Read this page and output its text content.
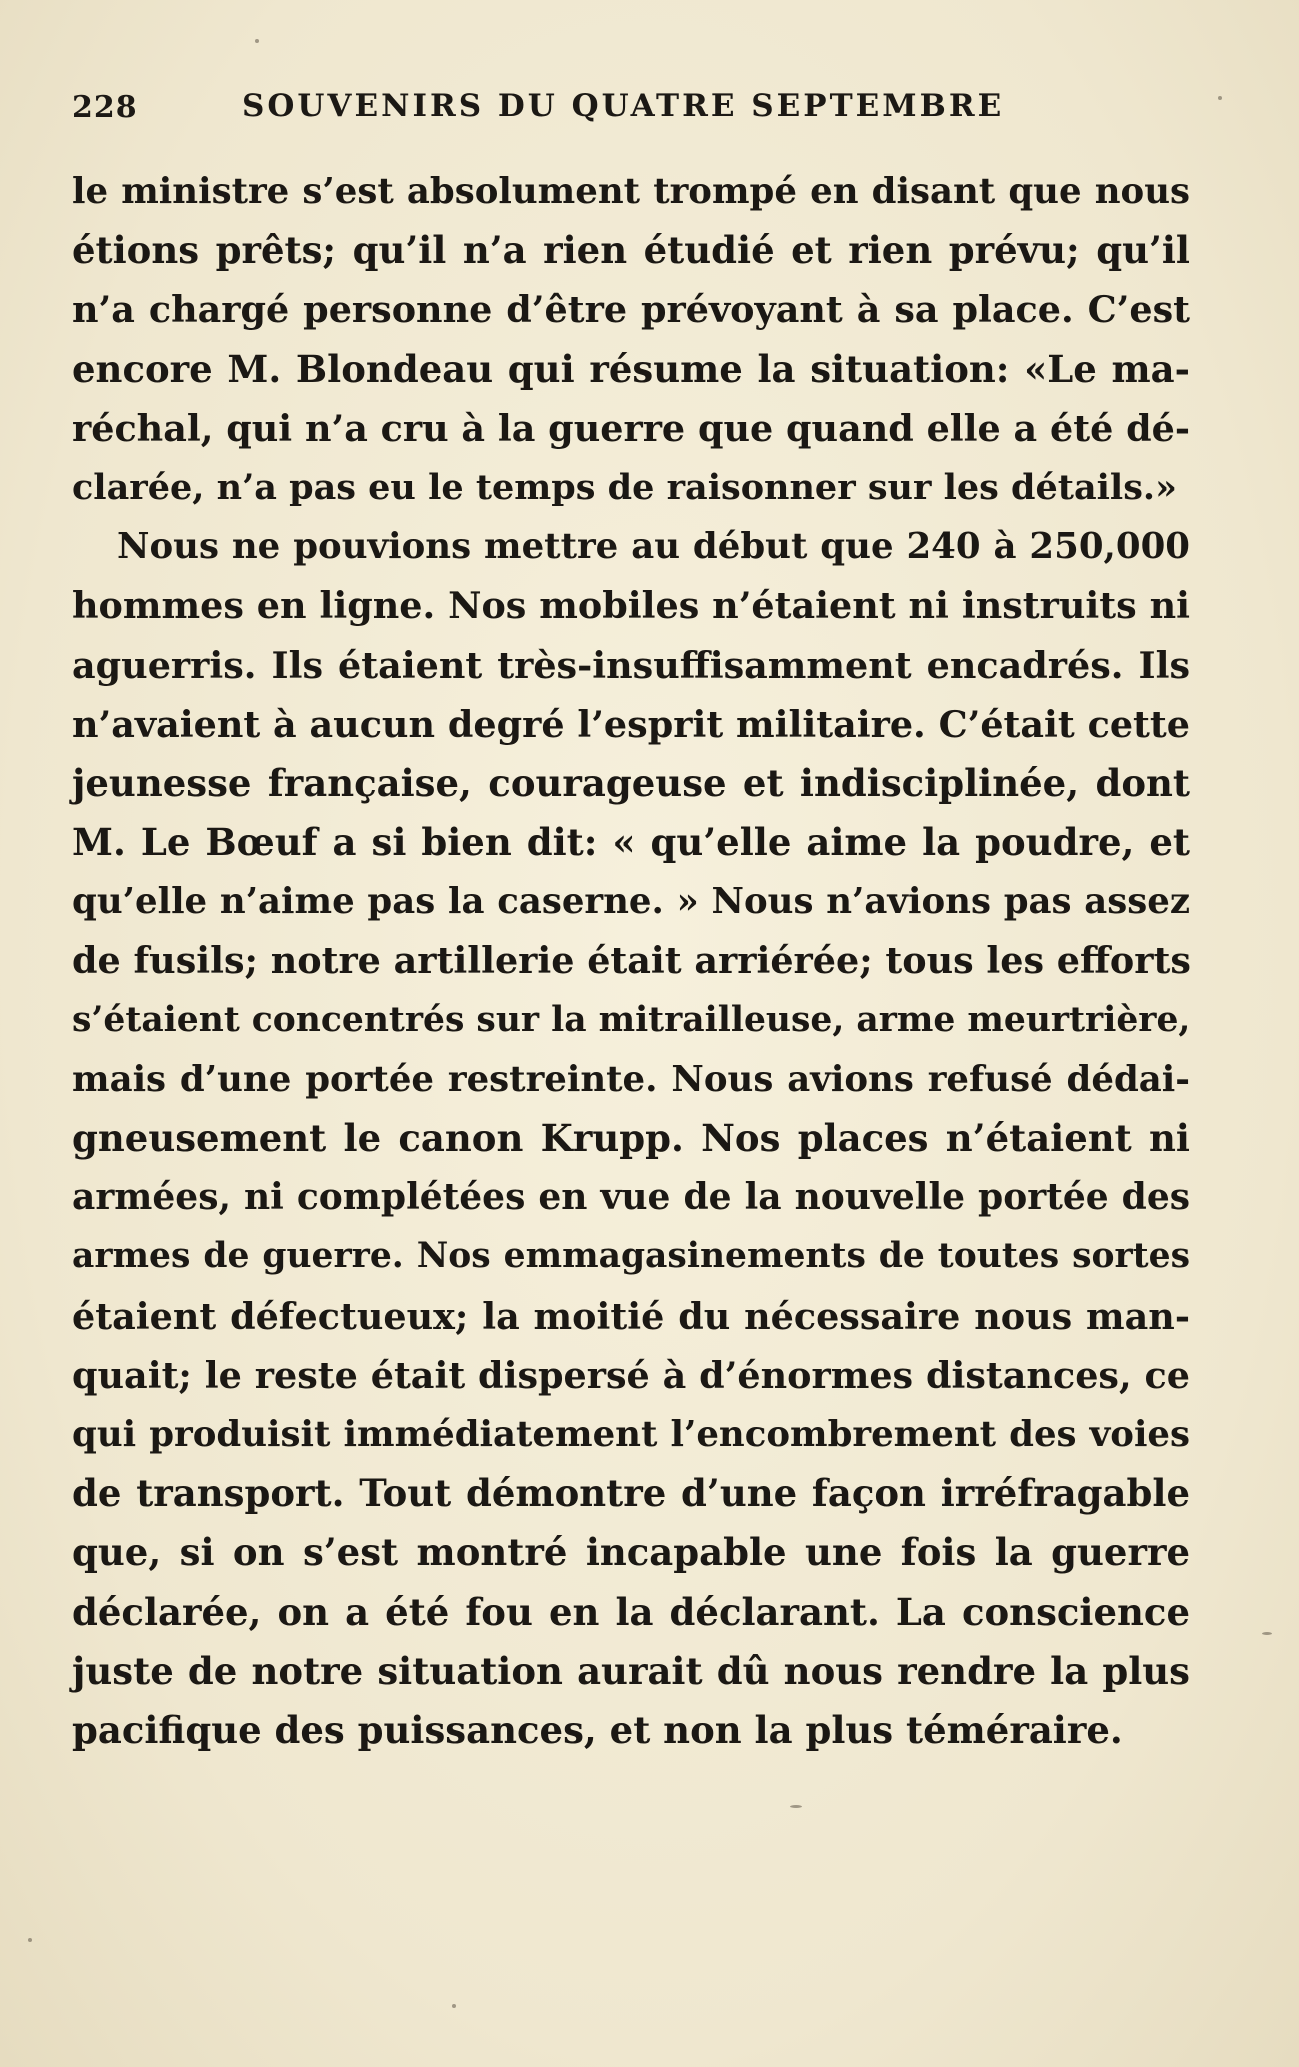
228	SOUVENIRS DU QUATRE SEPTEMBRE
le ministre s’est absolument trompé en disant que nous
étions prêts; qu’il n’a rien étudié et rien prévu; qu’il
n’a chargé personne d’être prévoyant à sa place. C’est
encore M. Blondeau qui résume la situation: «Le ma-
réchal, qui n’a cru à la guerre que quand elle a été dé-
clarée, n’a pas eu le temps de raisonner sur les détails.»
Nous ne pouvions mettre au début que 240 à 250,000
hommes en ligne. Nos mobiles n’étaient ni instruits ni
aguerris. Ils étaient très-insuffisamment encadrés. Ils
n’avaient à aucun degré l’esprit militaire. C’était cette
jeunesse française, courageuse et indisciplinée, dont
M. Le Bœuf a si bien dit: « qu’elle aime la poudre, et
qu’elle n’aime pas la caserne. » Nous n’avions pas assez
de fusils; notre artillerie était arriérée; tous les efforts
s’étaient concentrés sur la mitrailleuse, arme meurtrière,
mais d’une portée restreinte. Nous avions refusé dédai-
gneusement le canon Krupp. Nos places n’étaient ni
armées, ni complétées en vue de la nouvelle portée des
armes de guerre. Nos emmagasinements de toutes sortes
étaient défectueux; la moitié du nécessaire nous man-
quait; le reste était dispersé à d’énormes distances, ce
qui produisit immédiatement l’encombrement des voies
de transport. Tout démontre d’une façon irréfragable
que, si on s’est montré incapable une fois la guerre
déclarée, on a été fou en la déclarant. La conscience
juste de notre situation aurait dû nous rendre la plus
pacifique des puissances, et non la plus téméraire.
